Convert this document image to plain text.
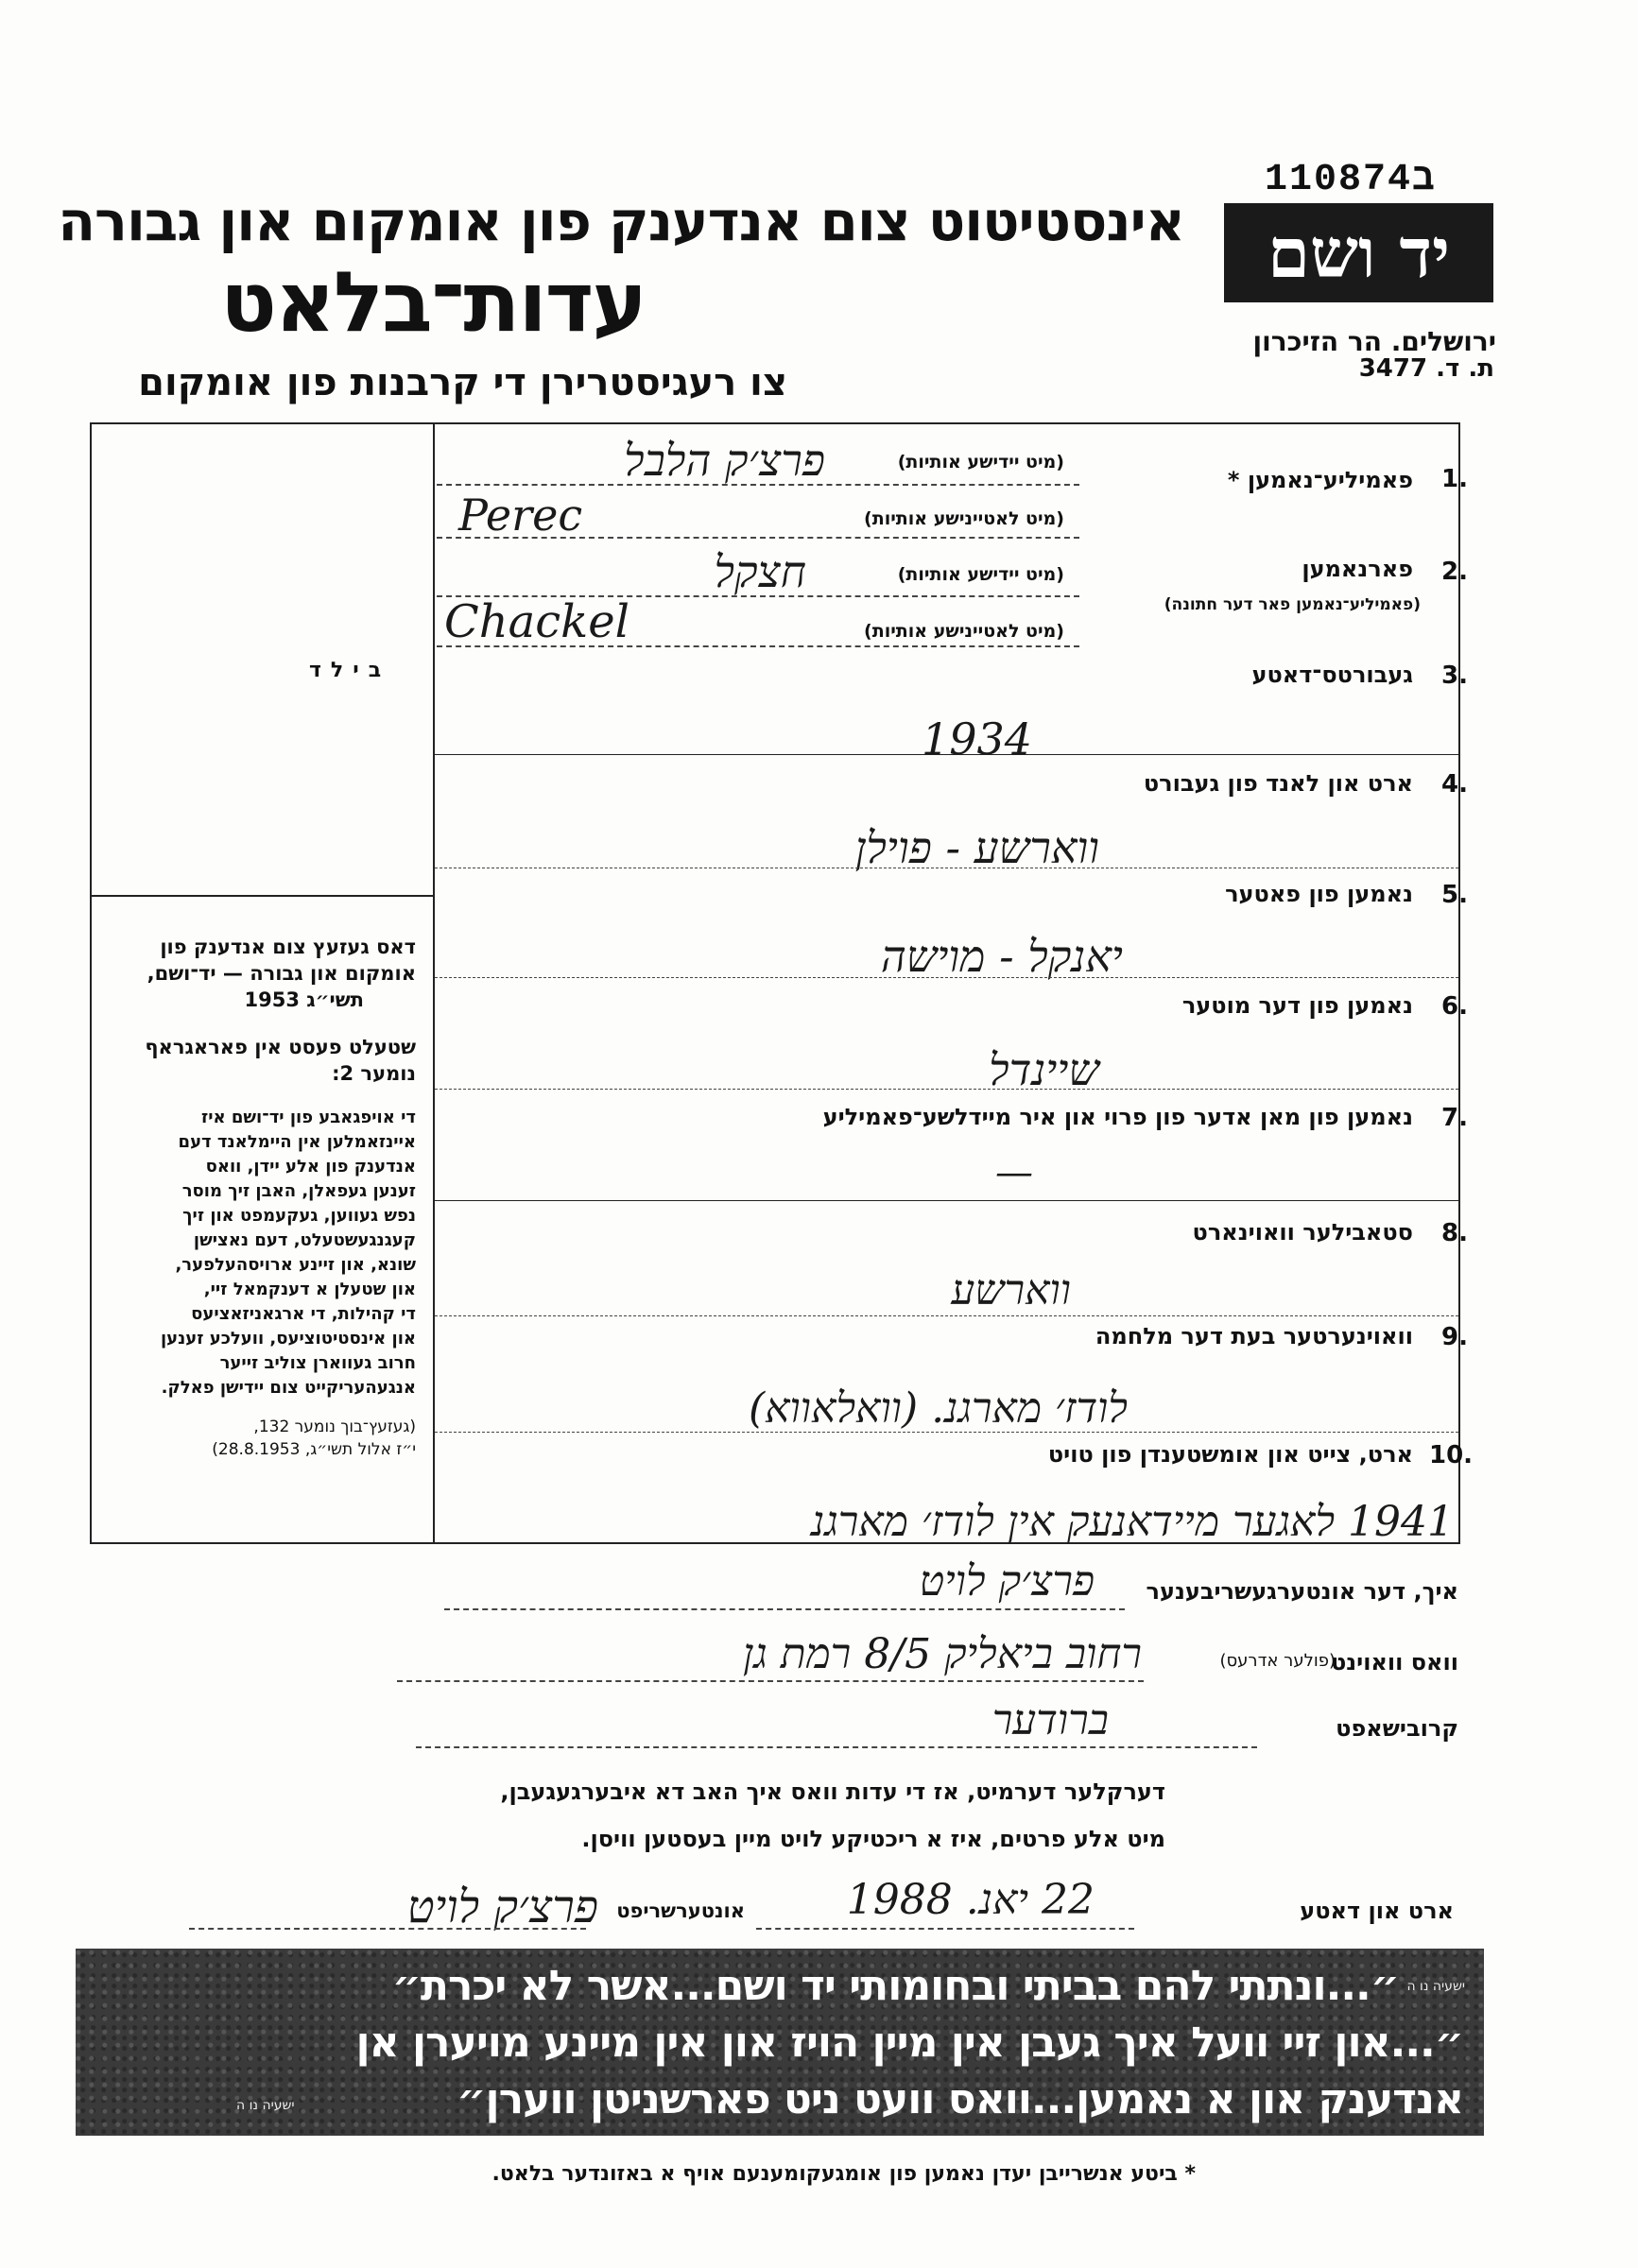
אינסטיטוט צום אנדענק פון אומקום און גבורה
עדות־בלאט
צו רעגיסטרירן די קרבנות פון אומקום
ב110874
יד ושם
ירושלים. הר הזיכרון
ת. ד. 3477
בילד
דאס געזעץ צום אנדענק פון
אומקום און גבורה — יד־ושם,
תשי״ג 1953
שטעלט פעסט אין פאראגראף
נומער 2:
די אויפגאבע פון יד־ושם איז
איינזאמלען אין היימלאנד דעם
אנדענק פון אלע יידן, וואס
זענען געפאלן, האבן זיך מוסר
נפש געווען, געקעמפט און זיך
קעגנגעשטעלט, דעם נאצישן
שונא, און זיינע ארויסהעלפער,
און שטעלן א דענקמאל זיי,
די קהילות, די ארגאניזאציעס
און אינסטיטוציעס, וועלכע זענען
חרוב געווארן צוליב זייער
אנגעהעריקייט צום יידישן פאלק.
(געזעץ־בוך נומער 132,
י״ז אלול תשי״ג, 28.8.1953)
1.
פאמיליע־נאמען *
(מיט יידישע אותיות)
פרצ׳ק הלבל
(מיט לאטיינישע אותיות)
Perec
2.
פארנאמען
(פאמיליע־נאמען פאר דער חתונה)
(מיט יידישע אותיות)
חצקל
(מיט לאטיינישע אותיות)
Chackel
3.
געבורטס־דאטע
1934
4.
ארט און לאנד פון געבורט
ווארשע - פוילן
5.
נאמען פון פאטער
יאנקל - מוישה
6.
נאמען פון דער מוטער
שיינדל
7.
נאמען פון מאן אדער פון פרוי און איר מיידלשע־פאמיליע
—
8.
סטאבילער וואוינארט
ווארשע
9.
וואוינערטער בעת דער מלחמה
לודז׳ מארגנ. (וואלאווא)
10.
ארט, צייט און אומשטענדן פון טויט
1941 לאגער מיידאנעק אין לודז׳ מארגנ
איך, דער אונטערגעשריבענער
פרצ׳ק לויט
וואס וואוינט
(פולער אדרעס)
רחוב ביאליק 8/5 רמת גן
קרובישאפט
ברודער
דערקלער דערמיט, אז די עדות וואס איך האב דא איבערגעגעבן,
מיט אלע פרטים, איז א ריכטיקע לויט מיין בעסטען וויסן.
ארט און דאטע
22 יאנ. 1988
אונטערשריפט
פרצ׳ק לויט
״...ונתתי להם בביתי ובחומותי יד ושם...אשר לא יכרת״ ישעיה נו ה
״...און זיי וועל איך געבן אין מיין הויז און אין מיינע מויערן אן
אנדענק און א נאמען...וואס וועט ניט פארשניטן ווערן״
ישעיה נו ה
* ביטע אנשרייבן יעדן נאמען פון אומגעקומענעם אויף א באזונדער בלאט.
